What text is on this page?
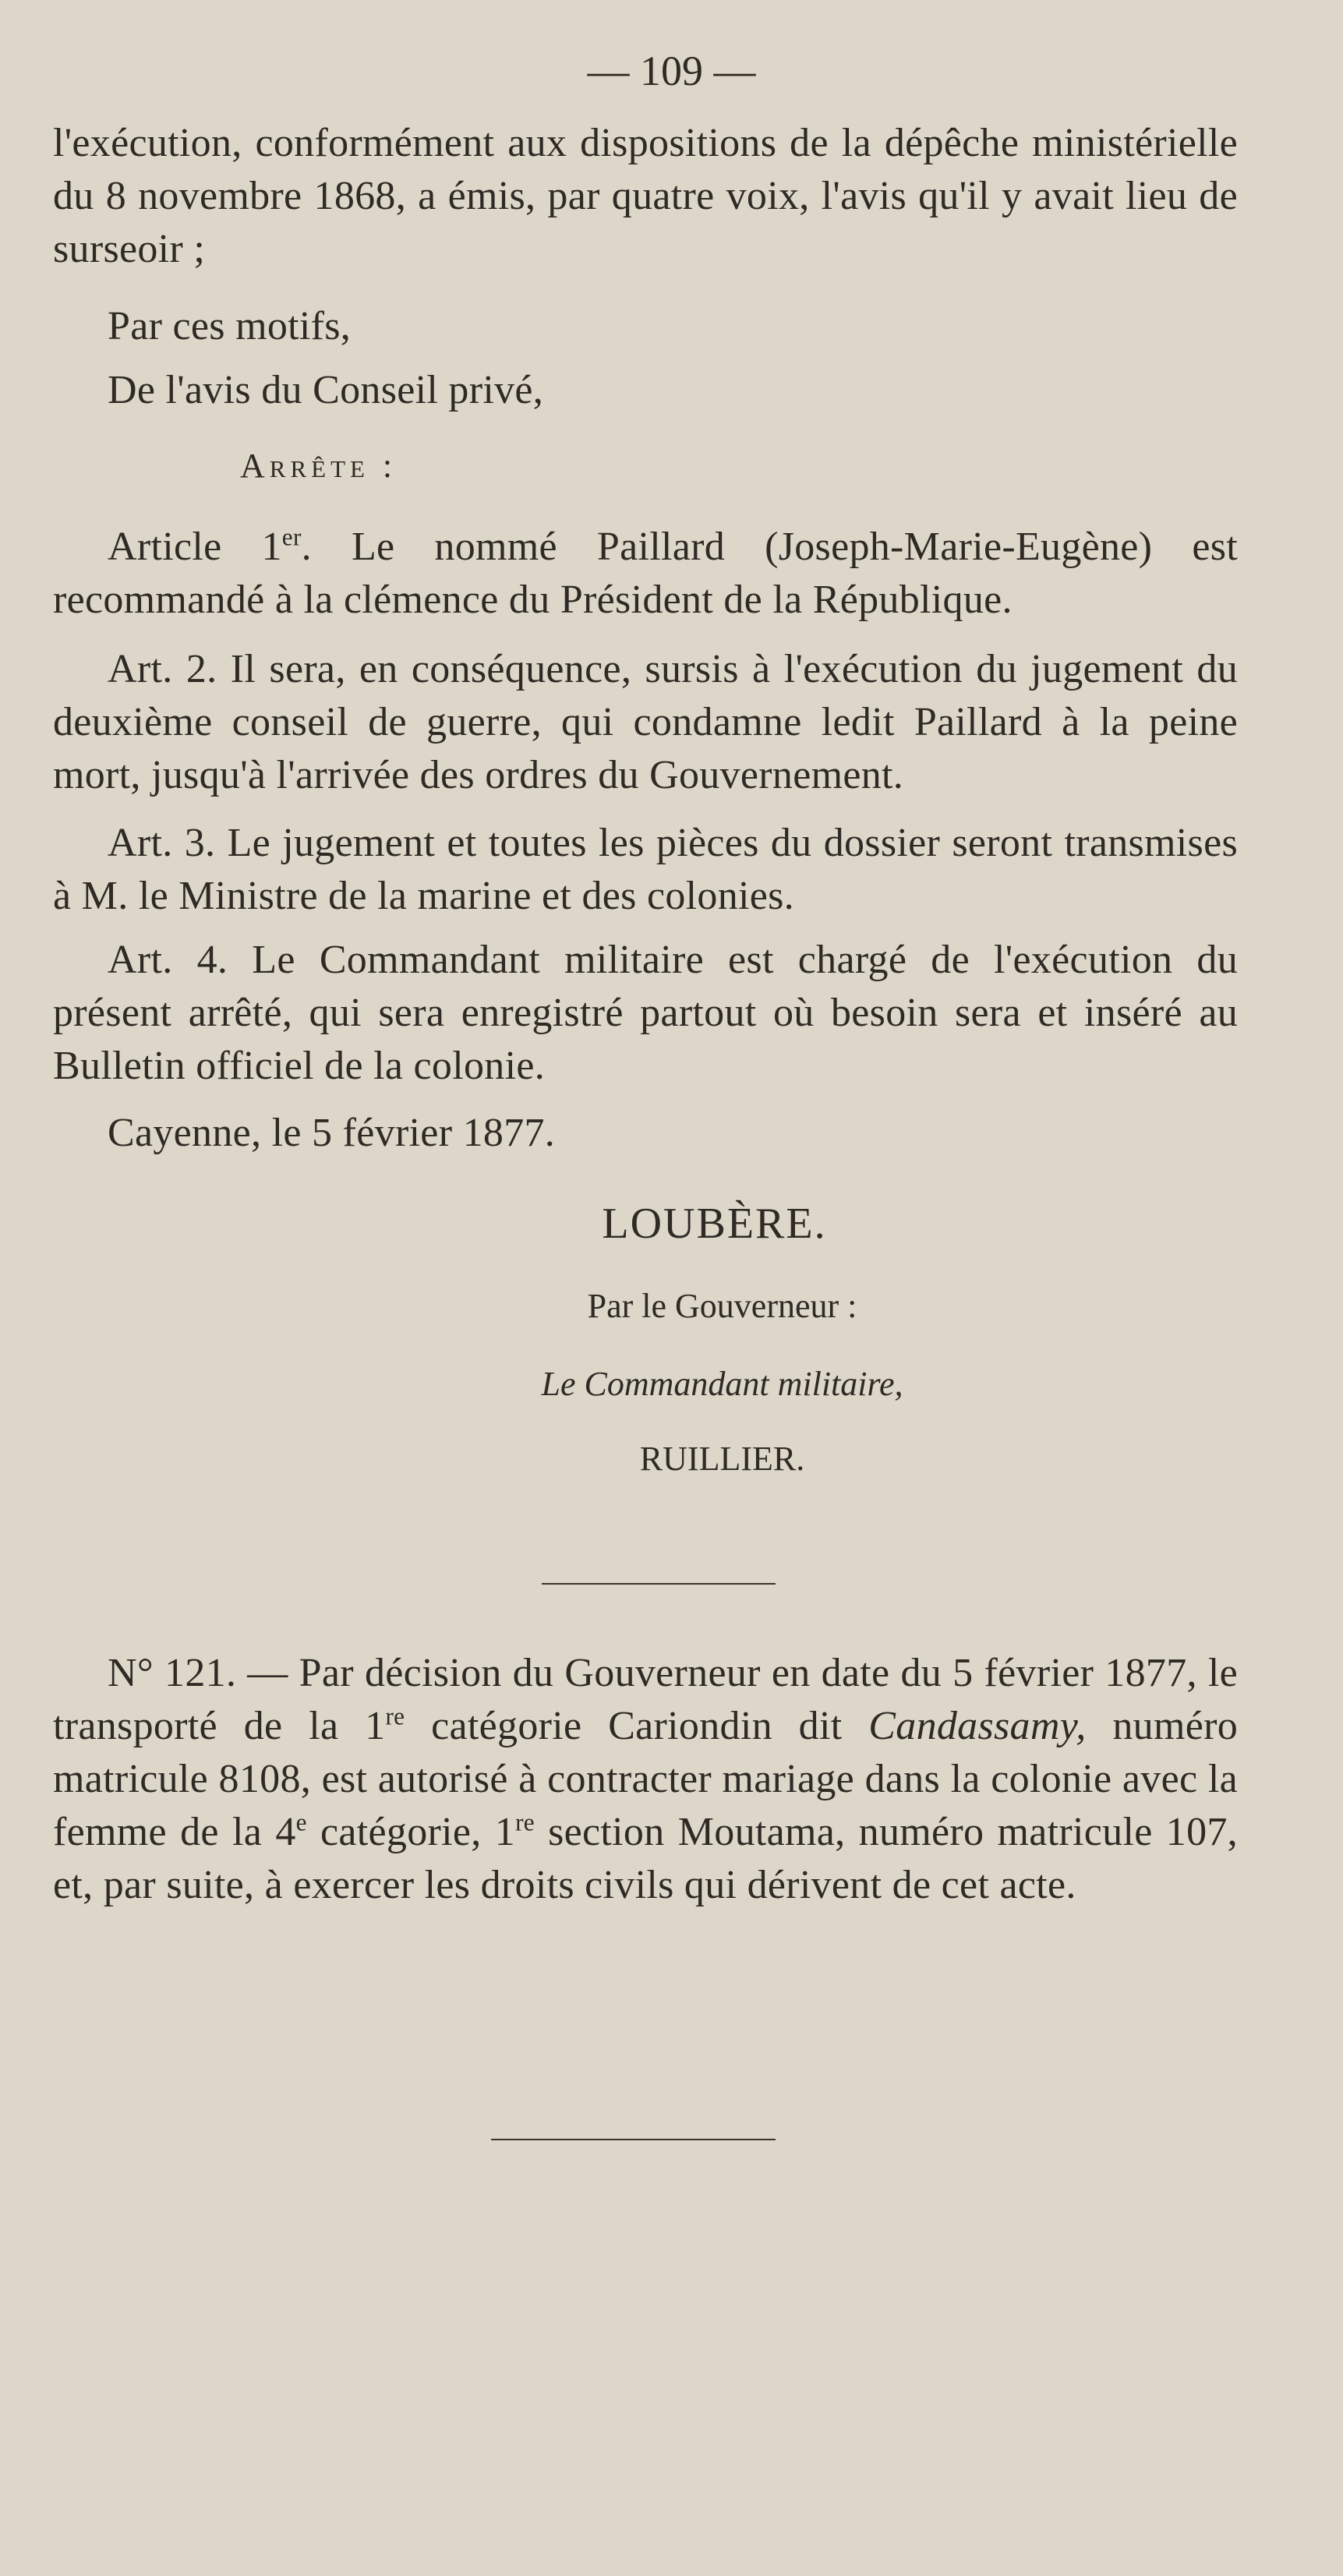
— 109 —
l'exécution, conformément aux dispositions de la dépêche ministérielle du 8 novembre 1868, a émis, par quatre voix, l'avis qu'il y avait lieu de surseoir ;
Par ces motifs,
De l'avis du Conseil privé,
Arrête :
Article 1er. Le nommé Paillard (Joseph-Marie-Eugène) est recommandé à la clémence du Président de la République.
Art. 2. Il sera, en conséquence, sursis à l'exécution du jugement du deuxième conseil de guerre, qui condamne ledit Paillard à la peine mort, jusqu'à l'arrivée des ordres du Gouvernement.
Art. 3. Le jugement et toutes les pièces du dossier seront transmises à M. le Ministre de la marine et des colonies.
Art. 4. Le Commandant militaire est chargé de l'exécution du présent arrêté, qui sera enregistré partout où besoin sera et inséré au Bulletin officiel de la colonie.
Cayenne, le 5 février 1877.
LOUBÈRE.
Par le Gouverneur :
Le Commandant militaire,
RUILLIER.
N° 121. — Par décision du Gouverneur en date du 5 février 1877, le transporté de la 1re catégorie Cariondin dit Candassamy, numéro matricule 8108, est autorisé à contracter mariage dans la colonie avec la femme de la 4e catégorie, 1re section Moutama, numéro matricule 107, et, par suite, à exercer les droits civils qui dérivent de cet acte.
